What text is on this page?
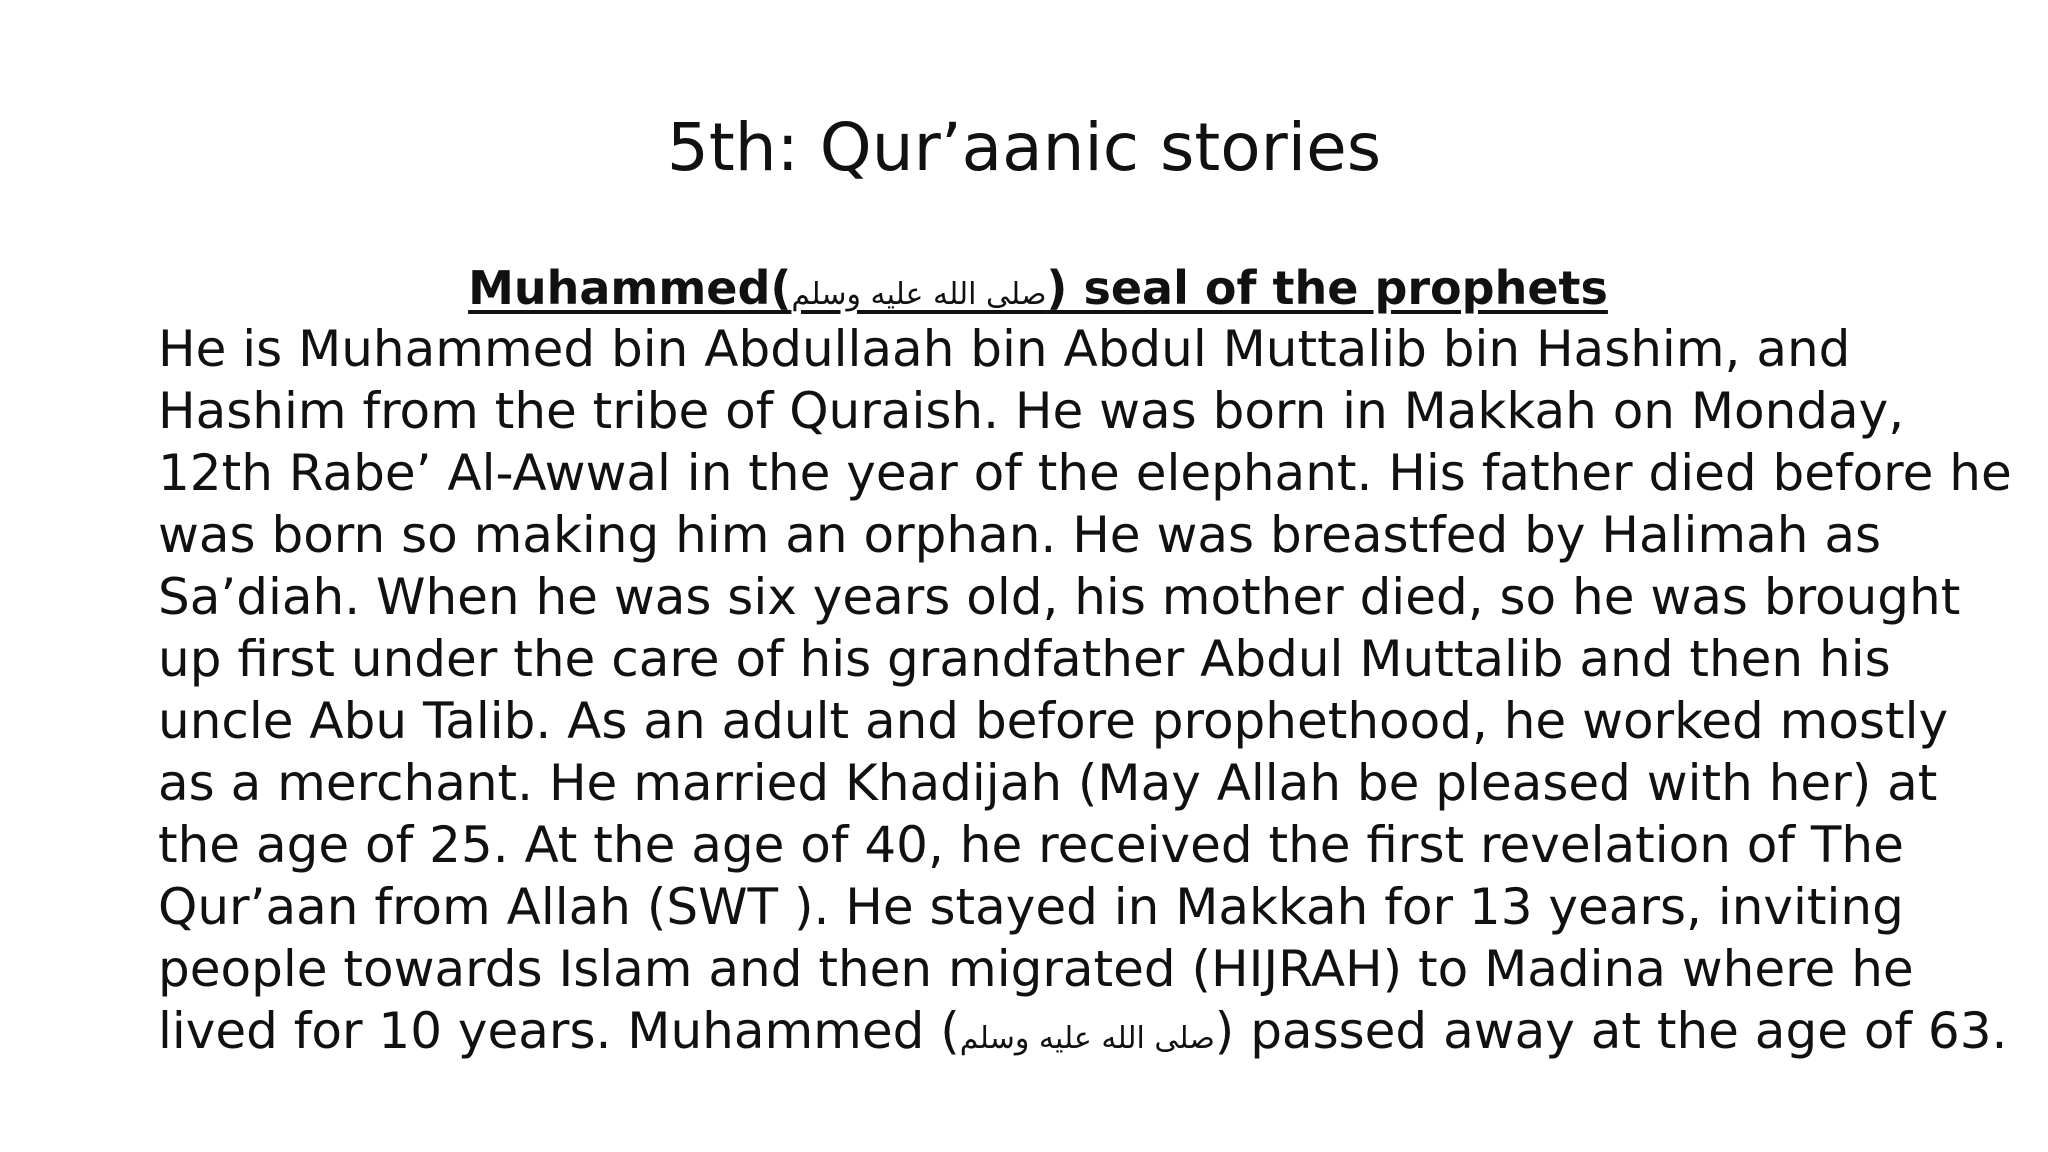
5th: Qur’aanic stories
Muhammed(صلى الله عليه وسلم) seal of the prophets
He is Muhammed bin Abdullaah bin Abdul Muttalib bin Hashim, and
Hashim from the tribe of Quraish. He was born in Makkah on Monday,
12th Rabe’ Al-Awwal in the year of the elephant. His father died before he
was born so making him an orphan. He was breastfed by Halimah as
Sa’diah. When he was six years old, his mother died, so he was brought
up first under the care of his grandfather Abdul Muttalib and then his
uncle Abu Talib. As an adult and before prophethood, he worked mostly
as a merchant. He married Khadijah (May Allah be pleased with her) at
the age of 25. At the age of 40, he received the first revelation of The
Qur’aan from Allah (SWT ). He stayed in Makkah for 13 years, inviting
people towards Islam and then migrated (HIJRAH) to Madina where he
lived for 10 years. Muhammed (صلى الله عليه وسلم) passed away at the age of 63.
